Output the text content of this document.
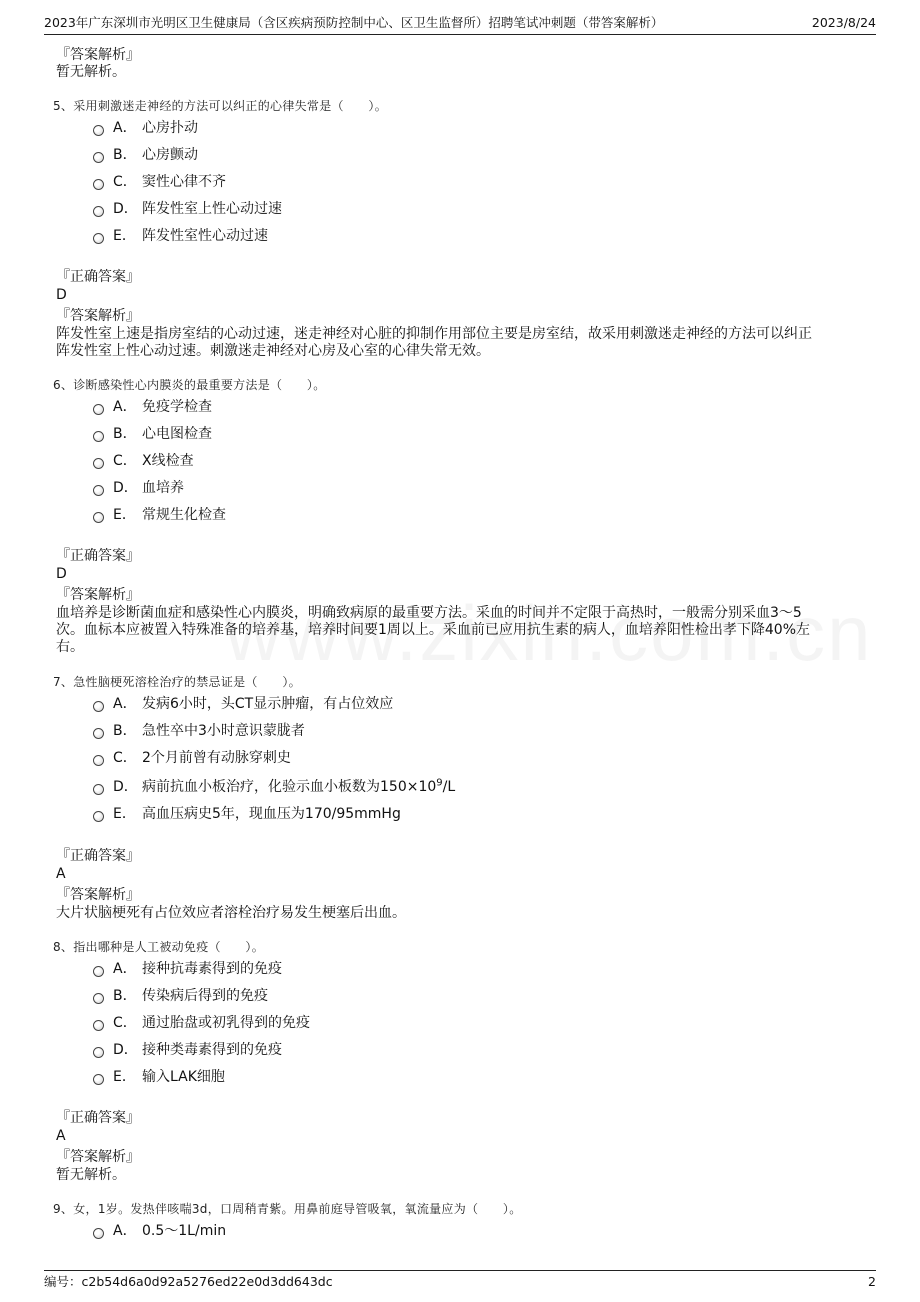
2023年广东深圳市光明区卫生健康局（含区疾病预防控制中心、区卫生监督所）招聘笔试冲刺题（带答案解析）	2023/8/24
『答案解析』
暂无解析。
5、采用刺激迷走神经的方法可以纠正的心律失常是（　　）。
A． 心房扑动
B． 心房颤动
C． 窦性心律不齐
D． 阵发性室上性心动过速
E． 阵发性室性心动过速
『正确答案』
D
『答案解析』
阵发性室上速是指房室结的心动过速，迷走神经对心脏的抑制作用部位主要是房室结，故采用刺激迷走神经的方法可以纠正
阵发性室上性心动过速。刺激迷走神经对心房及心室的心律失常无效。
6、诊断感染性心内膜炎的最重要方法是（　　）。
A． 免疫学检查
B． 心电图检查
C． X线检查
D． 血培养
E． 常规生化检查
『正确答案』
D
『答案解析』
血培养是诊断菌血症和感染性心内膜炎，明确致病原的最重要方法。采血的时间并不定限于高热时，一般需分别采血3～5
次。血标本应被置入特殊准备的培养基，培养时间要1周以上。采血前已应用抗生素的病人，血培养阳性检出孝下降40%左
右。
7、急性脑梗死溶栓治疗的禁忌证是（　　）。
A． 发病6小时，头CT显示肿瘤，有占位效应
B． 急性卒中3小时意识蒙胧者
C． 2个月前曾有动脉穿刺史
D． 病前抗血小板治疗，化验示血小板数为$150\times 10^9/L$
E． 高血压病史5年，现血压为170/95mmHg
『正确答案』
A
『答案解析』
大片状脑梗死有占位效应者溶栓治疗易发生梗塞后出血。
8、指出哪种是人工被动免疫（　　）。
A． 接种抗毒素得到的免疫
B． 传染病后得到的免疫
C． 通过胎盘或初乳得到的免疫
D． 接种类毒素得到的免疫
E． 输入LAK细胞
『正确答案』
A
『答案解析』
暂无解析。
9、女，1岁。发热伴咳喘3d，口周稍青紫。用鼻前庭导管吸氧，氧流量应为（　　）。
A． 0.5～1L/min
编号：c2b54d6a0d92a5276ed22e0d3dd643dc	2
